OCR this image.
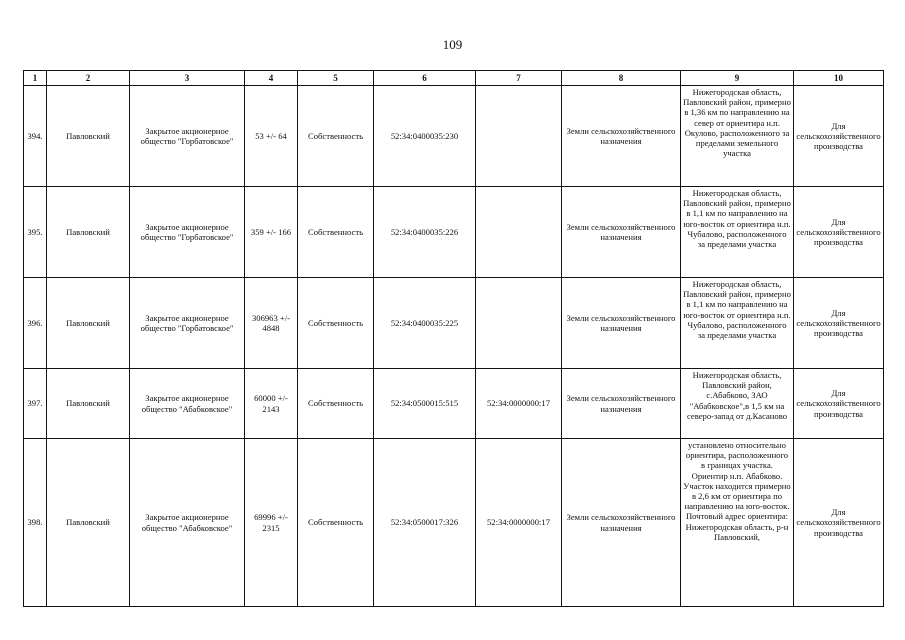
109
1	2	3	4	5	6	7	8	9	10
394.	Павловский	Закрытое акционерное общество "Горбатовское"	53 +/- 64	Собственность	52:34:0400035:230		Земли сельскохозяйственного назначения	Нижегородская область, Павловский район, примерно в 1,36 км по направлению на север от ориентира н.п. Окулово, расположенного за пределами земельного участка	Для сельскохозяйственного производства
395.	Павловский	Закрытое акционерное общество "Горбатовское"	359 +/- 166	Собственность	52:34:0400035:226		Земли сельскохозяйственного назначения	Нижегородская область, Павловский район, примерно в 1,1 км по направлению на юго-восток от ориентира н.п. Чубалово, расположенного за пределами участка	Для сельскохозяйственного производства
396.	Павловский	Закрытое акционерное общество "Горбатовское"	306963 +/- 4848	Собственность	52:34:0400035:225		Земли сельскохозяйственного назначения	Нижегородская область, Павловский район, примерно в 1,1 км по направлению на юго-восток от ориентира н.п. Чубалово, расположенного за пределами участка	Для сельскохозяйственного производства
397.	Павловский	Закрытое акционерное общество "Абабковское"	60000 +/- 2143	Собственность	52:34:0500015:515	52:34:0000000:17	Земли сельскохозяйственного назначения	Нижегородская область, Павловский район, с.Абабково, ЗАО "Абабковское",в 1,5 км на северо-запад от д.Касаново	Для сельскохозяйственного производства
398.	Павловский	Закрытое акционерное общество "Абабковское"	69996 +/- 2315	Собственность	52:34:0500017:326	52:34:0000000:17	Земли сельскохозяйственного назначения	установлено относительно ориентира, расположенного в границах участка. Ориентир н.п. Абабково. Участок находится примерно в 2,6 км от ориентира по направлению на юго-восток. Почтовый адрес ориентира: Нижегородская область, р-н Павловский,	Для сельскохозяйственного производства
